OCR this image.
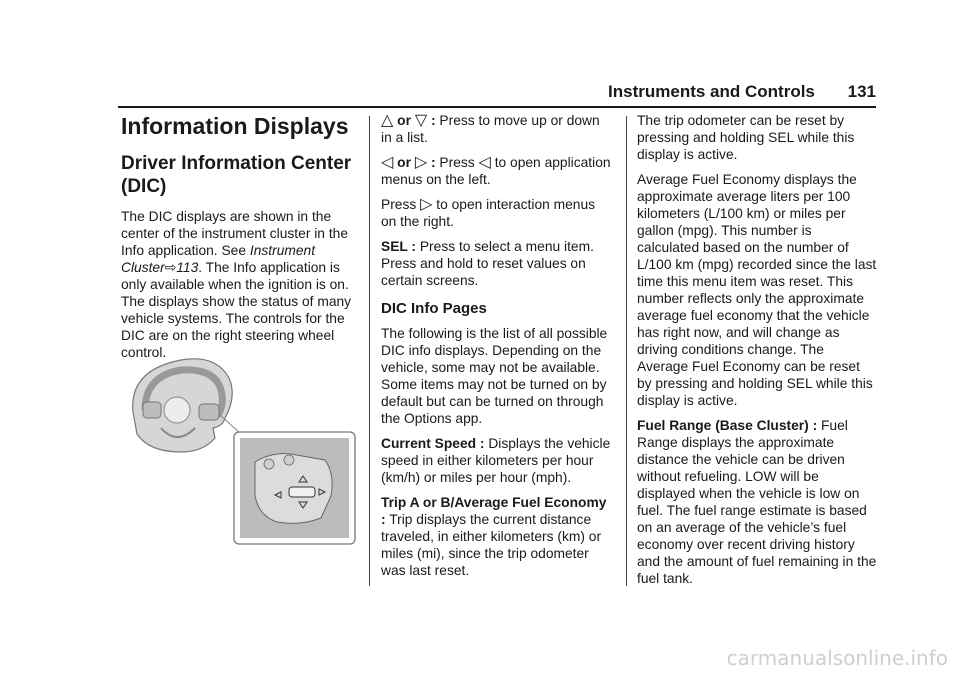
Instruments and Controls 131
Information Displays
Driver Information Center (DIC)

The DIC displays are shown in the center of the instrument cluster in the Info application. See Instrument Cluster⇨113. The Info application is only available when the ignition is on. The displays show the status of many vehicle systems. The controls for the DIC are on the right steering wheel control.

△ or ▽ : Press to move up or down in a list.

◁ or ▷ : Press ◁ to open application menus on the left.

Press ▷ to open interaction menus on the right.

SEL : Press to select a menu item. Press and hold to reset values on certain screens.

DIC Info Pages

The following is the list of all possible DIC info displays. Depending on the vehicle, some may not be available. Some items may not be turned on by default but can be turned on through the Options app.

Current Speed : Displays the vehicle speed in either kilometers per hour (km/h) or miles per hour (mph).

Trip A or B/Average Fuel Economy : Trip displays the current distance traveled, in either kilometers (km) or miles (mi), since the trip odometer was last reset.

The trip odometer can be reset by pressing and holding SEL while this display is active.

Average Fuel Economy displays the approximate average liters per 100 kilometers (L/100 km) or miles per gallon (mpg). This number is calculated based on the number of L/100 km (mpg) recorded since the last time this menu item was reset. This number reflects only the approximate average fuel economy that the vehicle has right now, and will change as driving conditions change. The Average Fuel Economy can be reset by pressing and holding SEL while this display is active.

Fuel Range (Base Cluster) : Fuel Range displays the approximate distance the vehicle can be driven without refueling. LOW will be displayed when the vehicle is low on fuel. The fuel range estimate is based on an average of the vehicle’s fuel economy over recent driving history and the amount of fuel remaining in the fuel tank.

carmanualsonline.info
